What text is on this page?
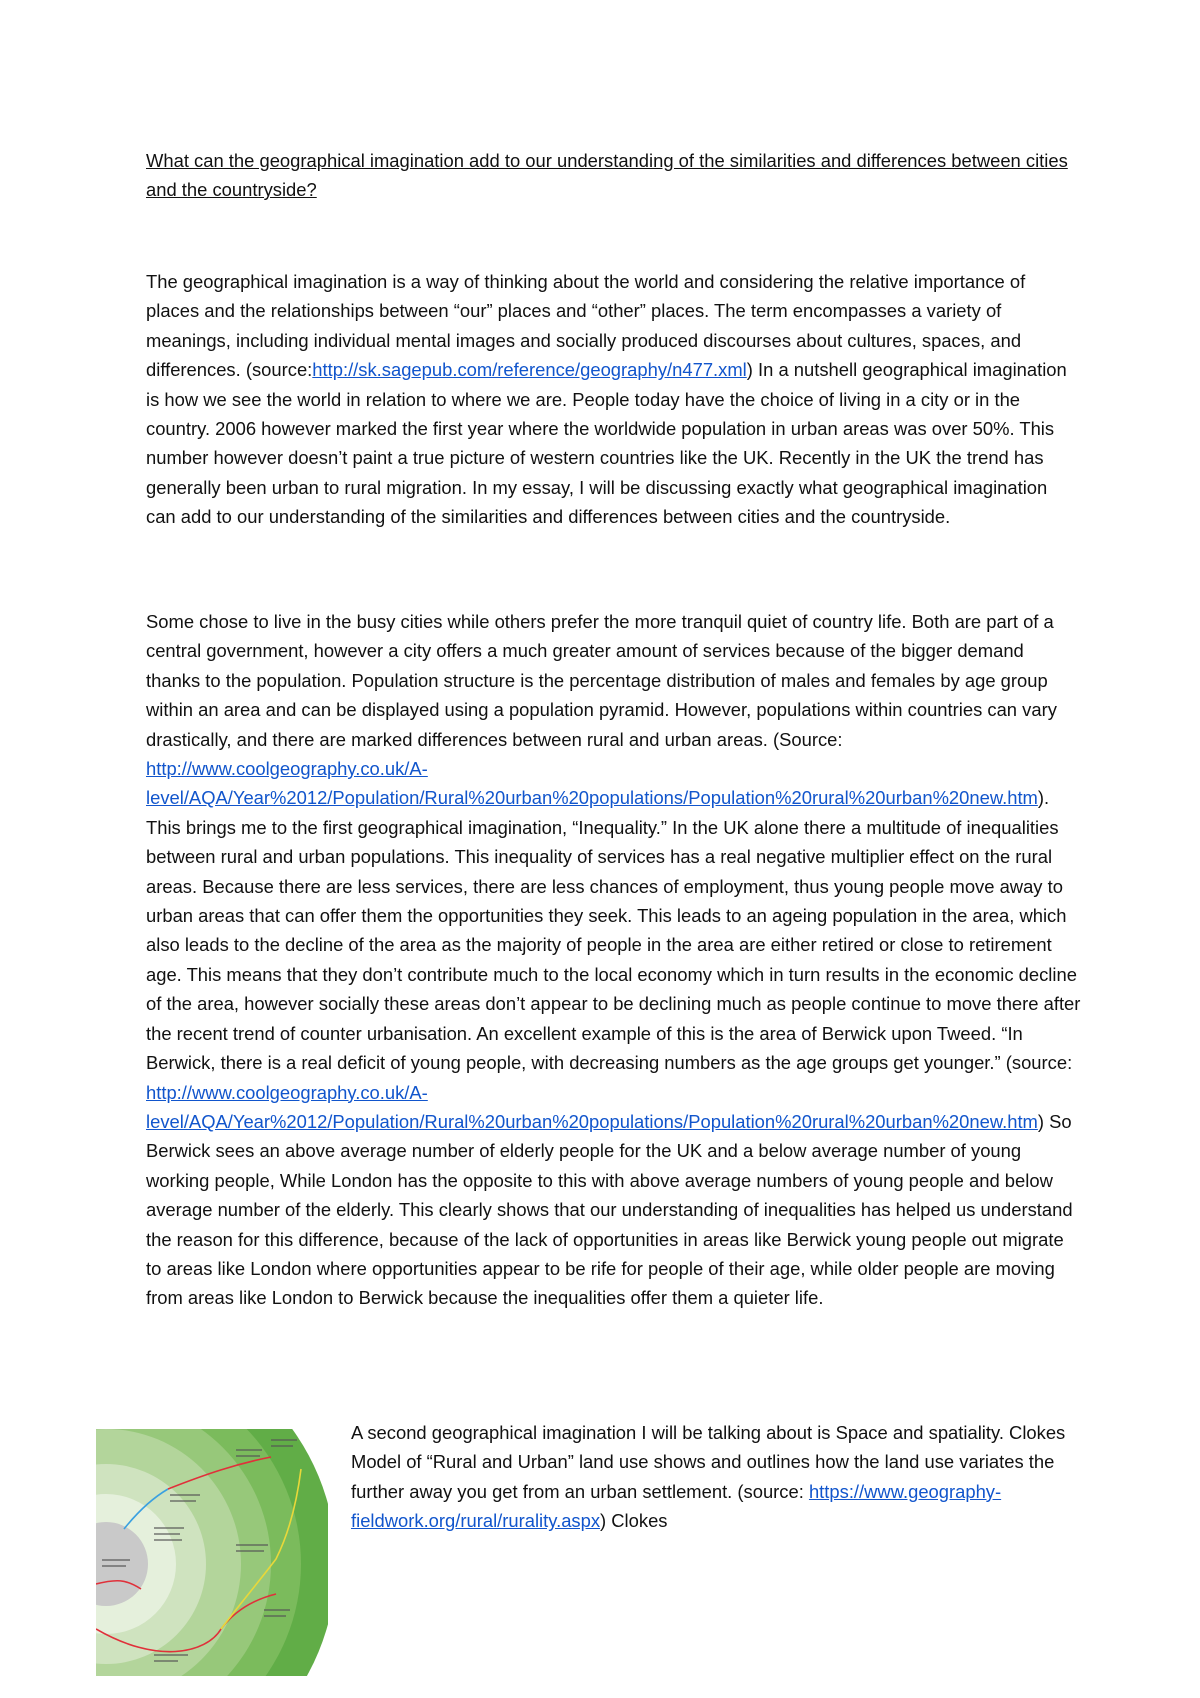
What can the geographical imagination add to our understanding of the similarities and differences between cities and the countryside?

The geographical imagination is a way of thinking about the world and considering the relative importance of places and the relationships between “our” places and “other” places. The term encompasses a variety of meanings, including individual mental images and socially produced discourses about cultures, spaces, and differences. (source:http://sk.sagepub.com/reference/geography/n477.xml) In a nutshell geographical imagination is how we see the world in relation to where we are. People today have the choice of living in a city or in the country. 2006 however marked the first year where the worldwide population in urban areas was over 50%. This number however doesn’t paint a true picture of western countries like the UK. Recently in the UK the trend has generally been urban to rural migration. In my essay, I will be discussing exactly what geographical imagination can add to our understanding of the similarities and differences between cities and the countryside.

Some chose to live in the busy cities while others prefer the more tranquil quiet of country life. Both are part of a central government, however a city offers a much greater amount of services because of the bigger demand thanks to the population. Population structure is the percentage distribution of males and females by age group within an area and can be displayed using a population pyramid. However, populations within countries can vary drastically, and there are marked differences between rural and urban areas. (Source: http://www.coolgeography.co.uk/A-level/AQA/Year%2012/Population/Rural%20urban%20populations/Population%20rural%20urban%20new.htm). This brings me to the first geographical imagination, “Inequality.” In the UK alone there a multitude of inequalities between rural and urban populations. This inequality of services has a real negative multiplier effect on the rural areas. Because there are less services, there are less chances of employment, thus young people move away to urban areas that can offer them the opportunities they seek. This leads to an ageing population in the area, which also leads to the decline of the area as the majority of people in the area are either retired or close to retirement age. This means that they don’t contribute much to the local economy which in turn results in the economic decline of the area, however socially these areas don’t appear to be declining much as people continue to move there after the recent trend of counter urbanisation. An excellent example of this is the area of Berwick upon Tweed. “In Berwick, there is a real deficit of young people, with decreasing numbers as the age groups get younger.” (source: http://www.coolgeography.co.uk/A-level/AQA/Year%2012/Population/Rural%20urban%20populations/Population%20rural%20urban%20new.htm) So Berwick sees an above average number of elderly people for the UK and a below average number of young working people, While London has the opposite to this with above average numbers of young people and below average number of the elderly. This clearly shows that our understanding of inequalities has helped us understand the reason for this difference, because of the lack of opportunities in areas like Berwick young people out migrate to areas like London where opportunities appear to be rife for people of their age, while older people are moving from areas like London to Berwick because the inequalities offer them a quieter life.

A second geographical imagination I will be talking about is Space and spatiality. Clokes Model of “Rural and Urban” land use shows and outlines how the land use variates the further away you get from an urban settlement. (source: https://www.geography-fieldwork.org/rural/rurality.aspx) Clokes
